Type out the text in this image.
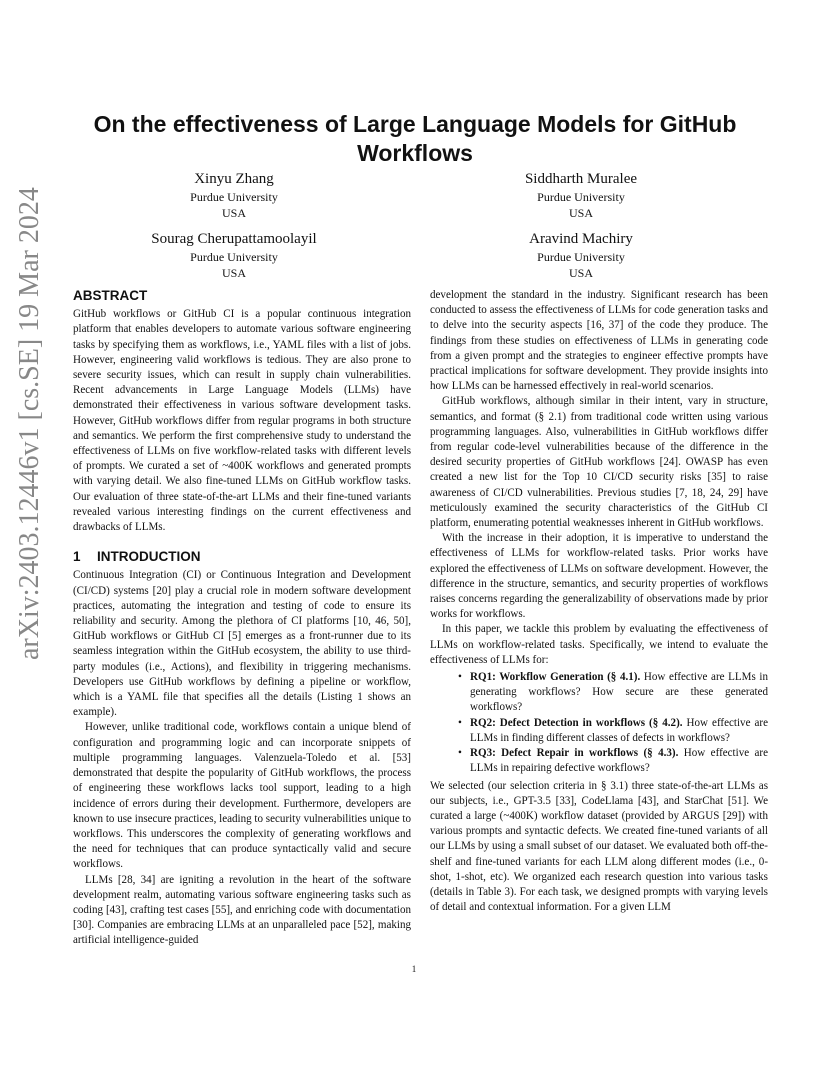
arXiv:2403.12446v1 [cs.SE] 19 Mar 2024
On the effectiveness of Large Language Models for GitHub Workflows
Xinyu Zhang
Purdue University
USA
Siddharth Muralee
Purdue University
USA
Sourag Cherupattamoolayil
Purdue University
USA
Aravind Machiry
Purdue University
USA
ABSTRACT

GitHub workflows or GitHub CI is a popular continuous integration platform that enables developers to automate various software engineering tasks by specifying them as workflows, i.e., YAML files with a list of jobs. However, engineering valid workflows is tedious. They are also prone to severe security issues, which can result in supply chain vulnerabilities. Recent advancements in Large Language Models (LLMs) have demonstrated their effectiveness in various software development tasks. However, GitHub workflows differ from regular programs in both structure and semantics. We perform the first comprehensive study to understand the effectiveness of LLMs on five workflow-related tasks with different levels of prompts. We curated a set of ~400K workflows and generated prompts with varying detail. We also fine-tuned LLMs on GitHub workflow tasks. Our evaluation of three state-of-the-art LLMs and their fine-tuned variants revealed various interesting findings on the current effectiveness and drawbacks of LLMs.

1 INTRODUCTION

Continuous Integration (CI) or Continuous Integration and Development (CI/CD) systems [20] play a crucial role in modern software development practices, automating the integration and testing of code to ensure its reliability and security. Among the plethora of CI platforms [10, 46, 50], GitHub workflows or GitHub CI [5] emerges as a front-runner due to its seamless integration within the GitHub ecosystem, the ability to use third-party modules (i.e., Actions), and flexibility in triggering mechanisms. Developers use GitHub workflows by defining a pipeline or workflow, which is a YAML file that specifies all the details (Listing 1 shows an example).

However, unlike traditional code, workflows contain a unique blend of configuration and programming logic and can incorporate snippets of multiple programming languages. Valenzuela-Toledo et al. [53] demonstrated that despite the popularity of GitHub workflows, the process of engineering these workflows lacks tool support, leading to a high incidence of errors during their development. Furthermore, developers are known to use insecure practices, leading to security vulnerabilities unique to workflows. This underscores the complexity of generating workflows and the need for techniques that can produce syntactically valid and secure workflows.

LLMs [28, 34] are igniting a revolution in the heart of the software development realm, automating various software engineering tasks such as coding [43], crafting test cases [55], and enriching code with documentation [30]. Companies are embracing LLMs at an unparalleled pace [52], making artificial intelligence-guided

development the standard in the industry. Significant research has been conducted to assess the effectiveness of LLMs for code generation tasks and to delve into the security aspects [16, 37] of the code they produce. The findings from these studies on effectiveness of LLMs in generating code from a given prompt and the strategies to engineer effective prompts have practical implications for software development. They provide insights into how LLMs can be harnessed effectively in real-world scenarios.

GitHub workflows, although similar in their intent, vary in structure, semantics, and format (§ 2.1) from traditional code written using various programming languages. Also, vulnerabilities in GitHub workflows differ from regular code-level vulnerabilities because of the difference in the desired security properties of GitHub workflows [24]. OWASP has even created a new list for the Top 10 CI/CD security risks [35] to raise awareness of CI/CD vulnerabilities. Previous studies [7, 18, 24, 29] have meticulously examined the security characteristics of the GitHub CI platform, enumerating potential weaknesses inherent in GitHub workflows.

With the increase in their adoption, it is imperative to understand the effectiveness of LLMs for workflow-related tasks. Prior works have explored the effectiveness of LLMs on software development. However, the difference in the structure, semantics, and security properties of workflows raises concerns regarding the generalizability of observations made by prior works for workflows.

In this paper, we tackle this problem by evaluating the effectiveness of LLMs on workflow-related tasks. Specifically, we intend to evaluate the effectiveness of LLMs for:

• RQ1: Workflow Generation (§ 4.1). How effective are LLMs in generating workflows? How secure are these generated workflows?
• RQ2: Defect Detection in workflows (§ 4.2). How effective are LLMs in finding different classes of defects in workflows?
• RQ3: Defect Repair in workflows (§ 4.3). How effective are LLMs in repairing defective workflows?

We selected (our selection criteria in § 3.1) three state-of-the-art LLMs as our subjects, i.e., GPT-3.5 [33], CodeLlama [43], and StarChat [51]. We curated a large (~400K) workflow dataset (provided by ARGUS [29]) with various prompts and syntactic defects. We created fine-tuned variants of all our LLMs by using a small subset of our dataset. We evaluated both off-the-shelf and fine-tuned variants for each LLM along different modes (i.e., 0-shot, 1-shot, etc). We organized each research question into various tasks (details in Table 3). For each task, we designed prompts with varying levels of detail and contextual information. For a given LLM

1
